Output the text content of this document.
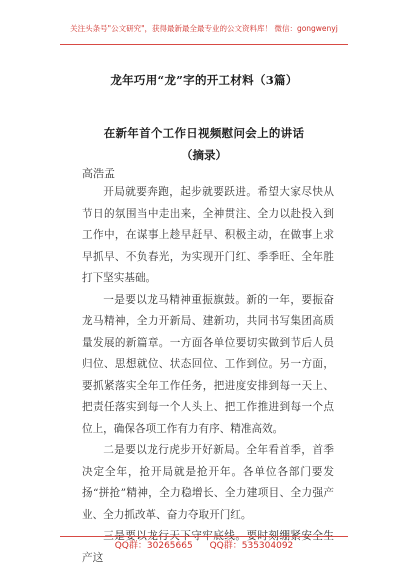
关注头条号"公文研究"，获得最新最全最专业的公文资料库！ 微信：gongwenyj
龙年巧用“龙”字的开工材料（3篇）
在新年首个工作日视频慰问会上的讲话
（摘录）
高浩孟

开局就要奔跑，起步就要跃进。希望大家尽快从节日的氛围当中走出来，全神贯注、全力以赴投入到工作中，在谋事上趁早赶早、积极主动，在做事上求早抓早、不负春光，为实现开门红、季季旺、全年胜打下坚实基础。

一是要以龙马精神重振旗鼓。新的一年，要振奋龙马精神，全力开新局、建新功，共同书写集团高质量发展的新篇章。一方面各单位要切实做到节后人员归位、思想就位、状态回位、工作到位。另一方面，要抓紧落实全年工作任务，把进度安排到每一天上、把责任落实到每一个人头上、把工作推进到每一个点位上，确保各项工作有力有序、精准高效。

二是要以龙行虎步开好新局。全年看首季，首季决定全年，抢开局就是抢开年。各单位各部门要发扬“拼抢”精神，全力稳增长、全力建项目、全力强产业、全力抓改革、奋力夺取开门红。

三是要以龙行天下守牢底线。要时刻绷紧安全生产这

QQ群：30265665 QQ群：535304092
